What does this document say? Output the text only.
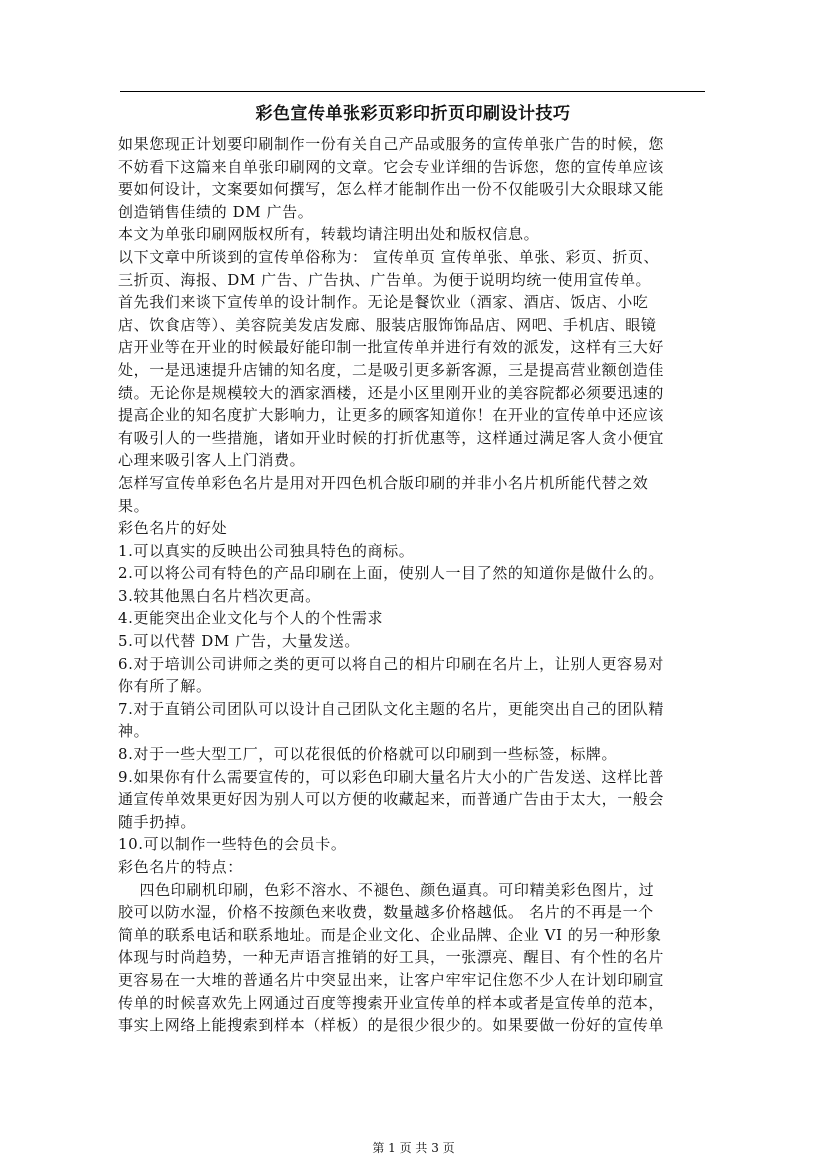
彩色宣传单张彩页彩印折页印刷设计技巧

如果您现正计划要印刷制作一份有关自己产品或服务的宣传单张广告的时候，您

不妨看下这篇来自单张印刷网的文章。它会专业详细的告诉您，您的宣传单应该

要如何设计，文案要如何撰写，怎么样才能制作出一份不仅能吸引大众眼球又能

创造销售佳绩的 DM 广告。

本文为单张印刷网版权所有，转载均请注明出处和版权信息。

以下文章中所谈到的宣传单俗称为： 宣传单页 宣传单张、单张、彩页、折页、

三折页、海报、DM 广告、广告执、广告单。为便于说明均统一使用宣传单。

首先我们来谈下宣传单的设计制作。无论是餐饮业（酒家、酒店、饭店、小吃

店、饮食店等）、美容院美发店发廊、服装店服饰饰品店、网吧、手机店、眼镜

店开业等在开业的时候最好能印制一批宣传单并进行有效的派发，这样有三大好

处，一是迅速提升店铺的知名度，二是吸引更多新客源，三是提高营业额创造佳

绩。无论你是规模较大的酒家酒楼，还是小区里刚开业的美容院都必须要迅速的

提高企业的知名度扩大影响力，让更多的顾客知道你！在开业的宣传单中还应该

有吸引人的一些措施，诸如开业时候的打折优惠等，这样通过满足客人贪小便宜

心理来吸引客人上门消费。

怎样写宣传单彩色名片是用对开四色机合版印刷的并非小名片机所能代替之效

果。

彩色名片的好处

1.可以真实的反映出公司独具特色的商标。

2.可以将公司有特色的产品印刷在上面，使别人一目了然的知道你是做什么的。

3.较其他黑白名片档次更高。

4.更能突出企业文化与个人的个性需求

5.可以代替 DM 广告，大量发送。

6.对于培训公司讲师之类的更可以将自己的相片印刷在名片上，让别人更容易对

你有所了解。

7.对于直销公司团队可以设计自己团队文化主题的名片，更能突出自己的团队精

神。

8.对于一些大型工厂，可以花很低的价格就可以印刷到一些标签，标牌。

9.如果你有什么需要宣传的，可以彩色印刷大量名片大小的广告发送、这样比普

通宣传单效果更好因为别人可以方便的收藏起来，而普通广告由于太大，一般会

随手扔掉。

10.可以制作一些特色的会员卡。

彩色名片的特点：

四色印刷机印刷，色彩不溶水、不褪色、颜色逼真。可印精美彩色图片，过

胶可以防水湿，价格不按颜色来收费，数量越多价格越低。 名片的不再是一个

简单的联系电话和联系地址。而是企业文化、企业品牌、企业 VI 的另一种形象

体现与时尚趋势，一种无声语言推销的好工具，一张漂亮、醒目、有个性的名片

更容易在一大堆的普通名片中突显出来，让客户牢牢记住您不少人在计划印刷宣

传单的时候喜欢先上网通过百度等搜索开业宣传单的样本或者是宣传单的范本，

事实上网络上能搜索到样本（样板）的是很少很少的。如果要做一份好的宣传单

第 1 页 共 3 页
